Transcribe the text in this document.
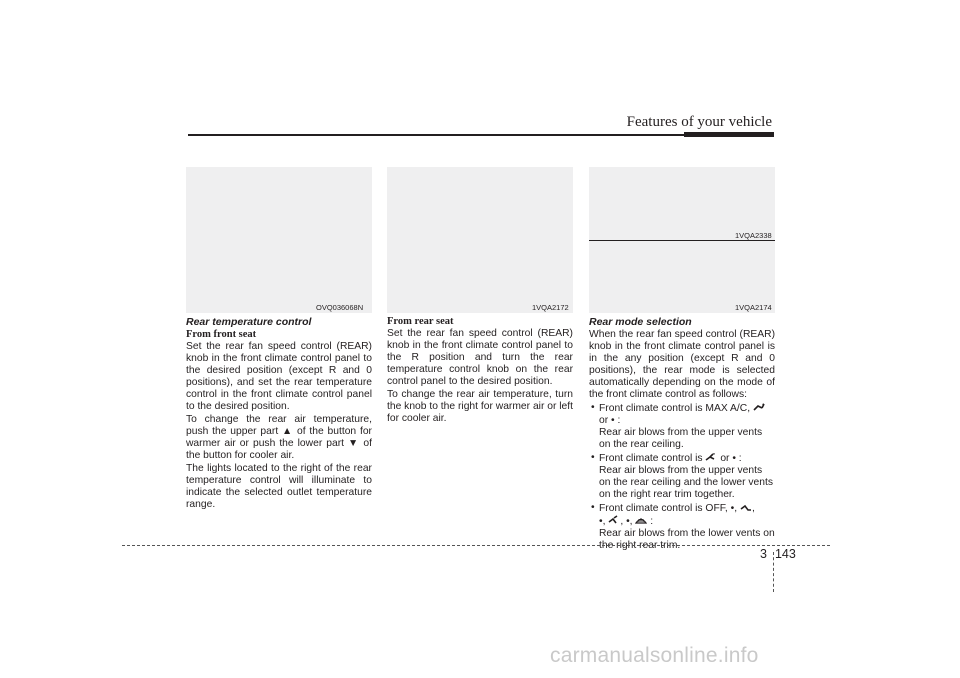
Features of your vehicle
OVQ036068N	1VQA2172
1VQA2338
1VQA2174
Rear temperature control
From front seat

Set the rear fan speed control (REAR) knob in the front climate control panel to the desired position (except R and 0 positions), and set the rear temperature control in the front climate control panel to the desired position.

To change the rear air temperature, push the upper part ▲ of the button for warmer air or push the lower part ▼ of the button for cooler air.

The lights located to the right of the rear temperature control will illuminate to indicate the selected outlet temperature range.

From rear seat

Set the rear fan speed control (REAR) knob in the front climate control panel to the R position and turn the rear temperature control knob on the rear control panel to the desired position.

To change the rear air temperature, turn the knob to the right for warmer air or left for cooler air.

Rear mode selection

When the rear fan speed control (REAR) knob in the front climate control panel is in the any position (except R and 0 positions), the rear mode is selected automatically depending on the mode of the front climate control as follows:

• Front climate control is MAX A/C,

or • :
Rear air blows from the upper vents on the rear ceiling.
• Front climate control is or • :
Rear air blows from the upper vents on the rear ceiling and the lower vents on the right rear trim together.
• Front climate control is OFF, •, ,
•, , •, :
Rear air blows from the lower vents on the right rear trim.
3 143
carmanualsonline.info
